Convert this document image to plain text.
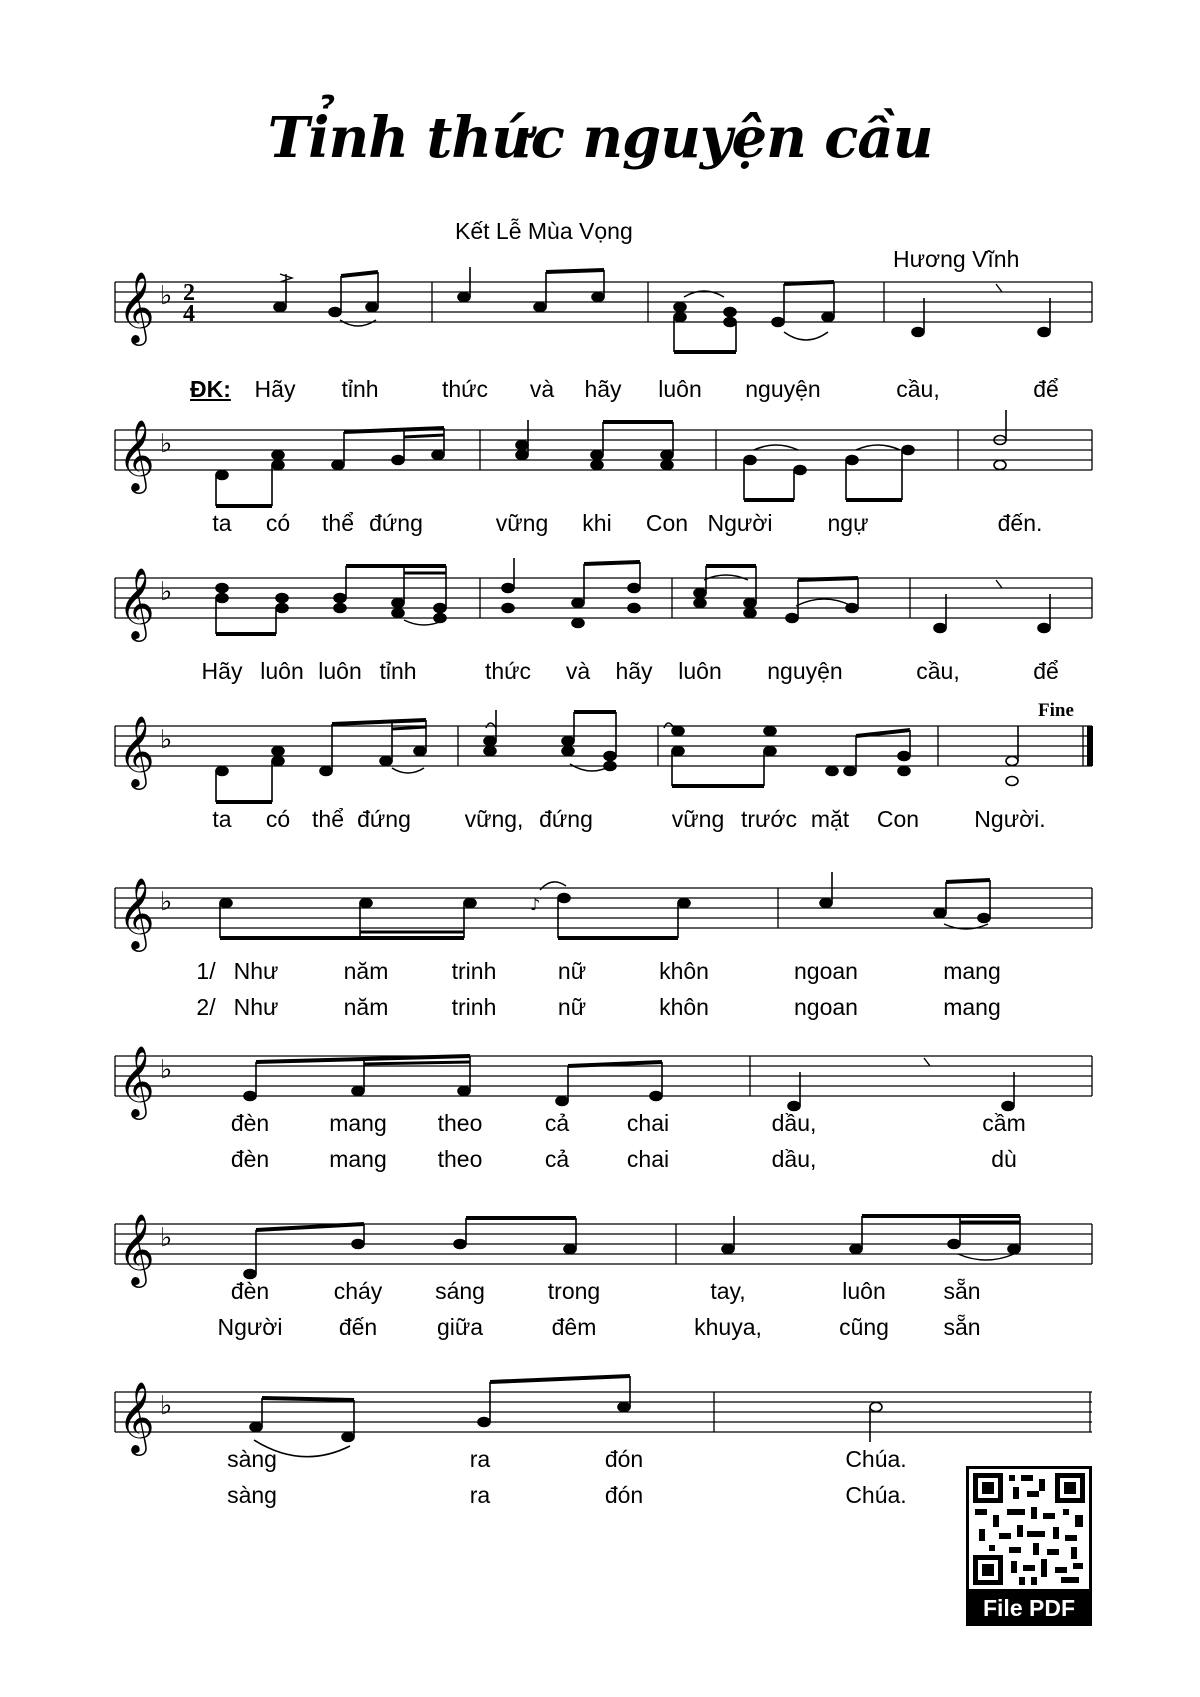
Tỉnh thức nguyện cầu
Kết Lễ Mùa Vọng
Hương Vĩnh
𝄞 ♭ 2
4
ĐK: Hãy tỉnh	thức và hãy luôn nguyện	cầu,	để
𝄞 ♭
ta có thể đứng	vững khi Con Người ngự	đến.
𝄞 ♭
Hãy luôn luôn tỉnh	thức và hãy luôn nguyện	cầu,	để
𝄞 ♭
ta có thể đứng vững, đứng	vững trước mặt Con Người.
Fine
𝄞 ♭	♪
1/ Như	năm	trinh	nữ	khôn	ngoan	mang
2/ Như	năm	trinh	nữ	khôn	ngoan	mang
𝄞 ♭
đèn	mang theo	cả	chai	dầu,	cầm
đèn	mang theo	cả	chai	dầu,	dù
𝄞 ♭
đèn	cháy sáng	trong	tay,	luôn	sẵn
Người đến	giữa	đêm	khuya,	cũng sẵn
𝄞 ♭
sàng	ra	đón	Chúa.
sàng	ra	đón	Chúa.
File PDF
